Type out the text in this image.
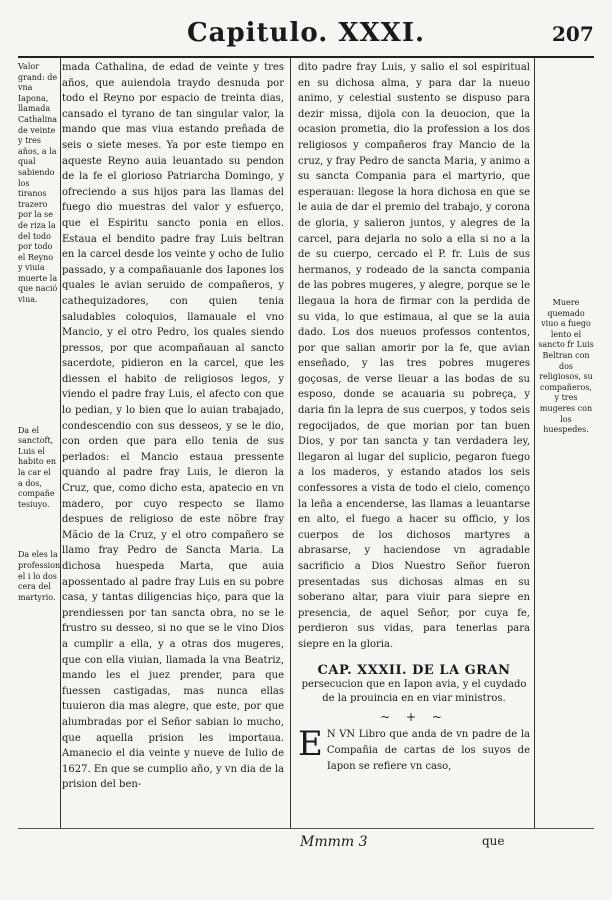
Capitulo. XXXI.	207
Valor grand: de vna Iapona, llamada Cathalina de veinte y tres años, a la qual sabiendo los tiranos trazero por la se de riza la del todo por todo el Reyno y viuia muerte la que nació viua.
Da el sanctoft, Luis el habito en la car el a dos, compañe tesiuyo.
Da eles la profession el i lo dos cera del martyrio.
Muere quemado viuo a fuego lento el sancto fr Luis Beltran con dos religiosos, su compañeros, y tres mugeres con los huespedes.

mada Cathalina, de edad de veinte y tres años, que auiendola traydo desnuda por todo el Reyno por espacio de treinta dias, cansado el tyrano de tan singular valor, la mando que mas viua estando preñada de seis o siete meses. Ya por este tiempo en aqueste Reyno auia leuantado su pendon de la fe el glorioso Patriarcha Domingo, y ofreciendo a sus hijos para las llamas del fuego dio muestras del valor y esfuerço, que el Espiritu sancto ponia en ellos. Estaua el bendito padre fray Luis beltran en la carcel desde los veinte y ocho de Iulio passado, y a compañauanle dos Iapones los quales le avian seruido de compañeros, y cathequizadores, con quien tenia saludables coloquios, llamauale el vno Mancio, y el otro Pedro, los quales siendo pressos, por que acompañauan al sancto sacerdote, pidieron en la carcel, que les diessen el habito de religiosos legos, y viendo el padre fray Luis, el afecto con que lo pedian, y lo bien que lo auian trabajado, condescendio con sus desseos, y se le dio, con orden que para ello tenia de sus perlados: el Mancio estaua pressente quando al padre fray Luis, le dieron la Cruz, que, como dicho esta, apatecio en vn madero, por cuyo respecto se llamo despues de religioso de este nõbre fray Mãcio de la Cruz, y el otro compañero se llamo fray Pedro de Sancta Maria. La dichosa huespeda Marta, que auia apossentado al padre fray Luis en su pobre casa, y tantas diligencias hiço, para que la prendiessen por tan sancta obra, no se le frustro su desseo, si no que se le vino Dios a cumplir a ella, y a otras dos mugeres, que con ella viuian, llamada la vna Beatriz, mando les el juez prender, para que fuessen castigadas, mas nunca ellas tuuieron dia mas alegre, que este, por que alumbradas por el Señor sabian lo mucho, que aquella prision les importaua. Amanecio el dia veinte y nueve de Iulio de 1627. En que se cumplio año, y vn dia de la prision del ben-

dito padre fray Luis, y salio el sol espiritual en su dichosa alma, y para dar la nueuo animo, y celestial sustento se dispuso para dezir missa, dijola con la deuocion, que la ocasion prometia, dio la profession a los dos religiosos y compañeros fray Mancio de la cruz, y fray Pedro de sancta Maria, y animo a su sancta Compania para el martyrio, que esperauan: llegose la hora dichosa en que se le auia de dar el premio del trabajo, y corona de gloria, y salieron juntos, y alegres de la carcel, para dejarla no solo a ella si no a la de su cuerpo, cercado el P. fr. Luis de sus hermanos, y rodeado de la sancta compania de las pobres mugeres, y alegre, porque se le llegaua la hora de firmar con la perdida de su vida, lo que estimaua, al que se la auia dado. Los dos nueuos professos contentos, por que salian amorir por la fe, que avian enseñado, y las tres pobres mugeres goçosas, de verse lleuar a las bodas de su esposo, donde se acauaria su pobreça, y daria fin la lepra de sus cuerpos, y todos seis regocijados, de que morian por tan buen Dios, y por tan sancta y tan verdadera ley, llegaron al lugar del suplicio, pegaron fuego a los maderos, y estando atados los seis confessores a vista de todo el cielo, començo la leña a encenderse, las llamas a leuantarse en alto, el fuego a hacer su officio, y los cuerpos de los dichosos martyres a abrasarse, y haciendose vn agradable sacrificio a Dios Nuestro Señor fueron presentadas sus dichosas almas en su soberano altar, para viuir para siepre en presencia, de aquel Señor, por cuya fe, perdieron sus vidas, para tenerlas para siepre en la gloria.

CAP. XXXII. DE LA GRAN
persecucion que en Iapon avia, y el cuydado de la prouincia en en viar ministros.
~ + ~
E N VN Libro que anda de vn padre de la Compañia de cartas de los suyos de Iapon se refiere vn caso,
Mmmm 3	que
